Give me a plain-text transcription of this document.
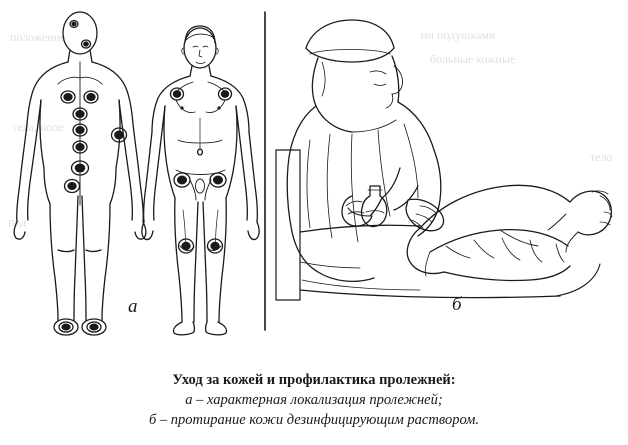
положение	ми подушками
тела, попе
больные кожные
под
тело
а	б
Уход за кожей и профилактика пролежней:
а – характерная локализация пролежней;
б – протирание кожи дезинфицирующим раствором.
